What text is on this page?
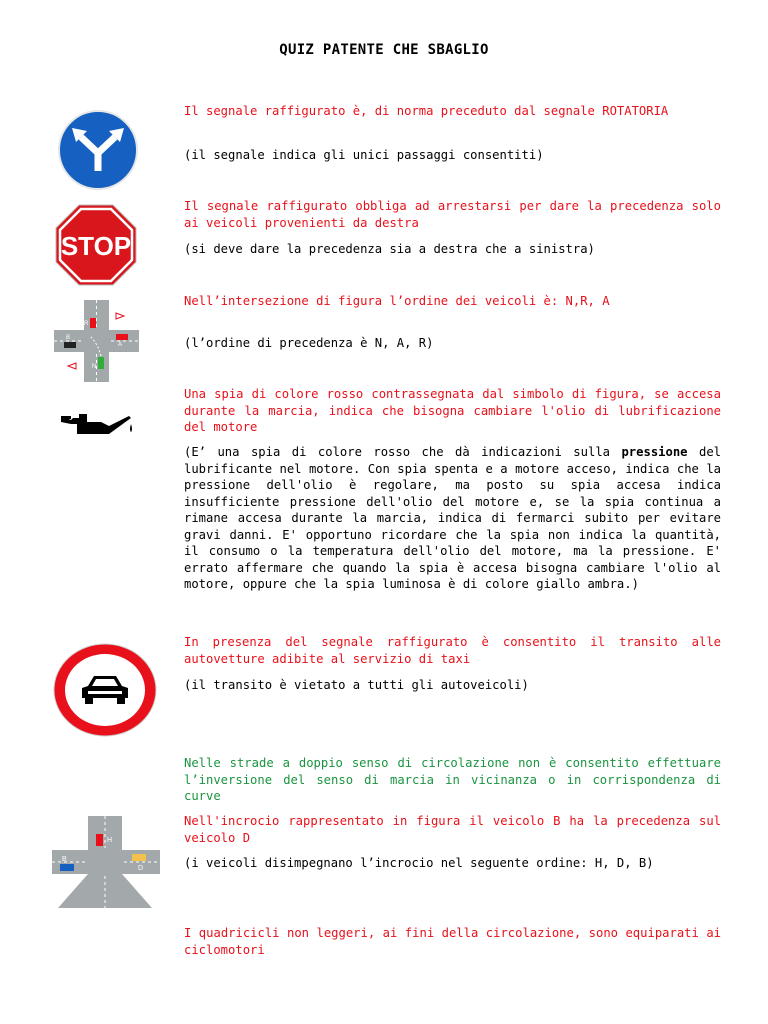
QUIZ PATENTE CHE SBAGLIO

Il segnale raffigurato è, di norma preceduto dal segnale ROTATORIA

(il segnale indica gli unici passaggi consentiti)

STOP

Il segnale raffigurato obbliga ad arrestarsi per dare la precedenza solo ai veicoli provenienti da destra

(si deve dare la precedenza sia a destra che a sinistra)

B
A
R
N

Nell’intersezione di figura l’ordine dei veicoli è: N,R, A

(l’ordine di precedenza è N, A, R)

Una spia di colore rosso contrassegnata dal simbolo di figura, se accesa durante la marcia, indica che bisogna cambiare l'olio di lubrificazione del motore

(E’ una spia di colore rosso che dà indicazioni sulla pressione del lubrificante nel motore. Con spia spenta e a motore acceso, indica che la pressione dell'olio è regolare, ma posto su spia accesa indica insufficiente pressione dell'olio del motore e, se la spia continua a rimane accesa durante la marcia, indica di fermarci subito per evitare gravi danni. E' opportuno ricordare che la spia non indica la quantità, il consumo o la temperatura dell'olio del motore, ma la pressione. E' errato affermare che quando la spia è accesa bisogna cambiare l'olio al motore, oppure che la spia luminosa è di colore giallo ambra.)

In presenza del segnale raffigurato è consentito il transito alle autovetture adibite al servizio di taxi

(il transito è vietato a tutti gli autoveicoli)

Nelle strade a doppio senso di circolazione non è consentito effettuare l’inversione del senso di marcia in vicinanza o in corrispondenza di curve

H
B
D

Nell'incrocio rappresentato in figura il veicolo B ha la precedenza sul veicolo D

(i veicoli disimpegnano l’incrocio nel seguente ordine: H, D, B)

I quadricicli non leggeri, ai fini della circolazione, sono equiparati ai ciclomotori
